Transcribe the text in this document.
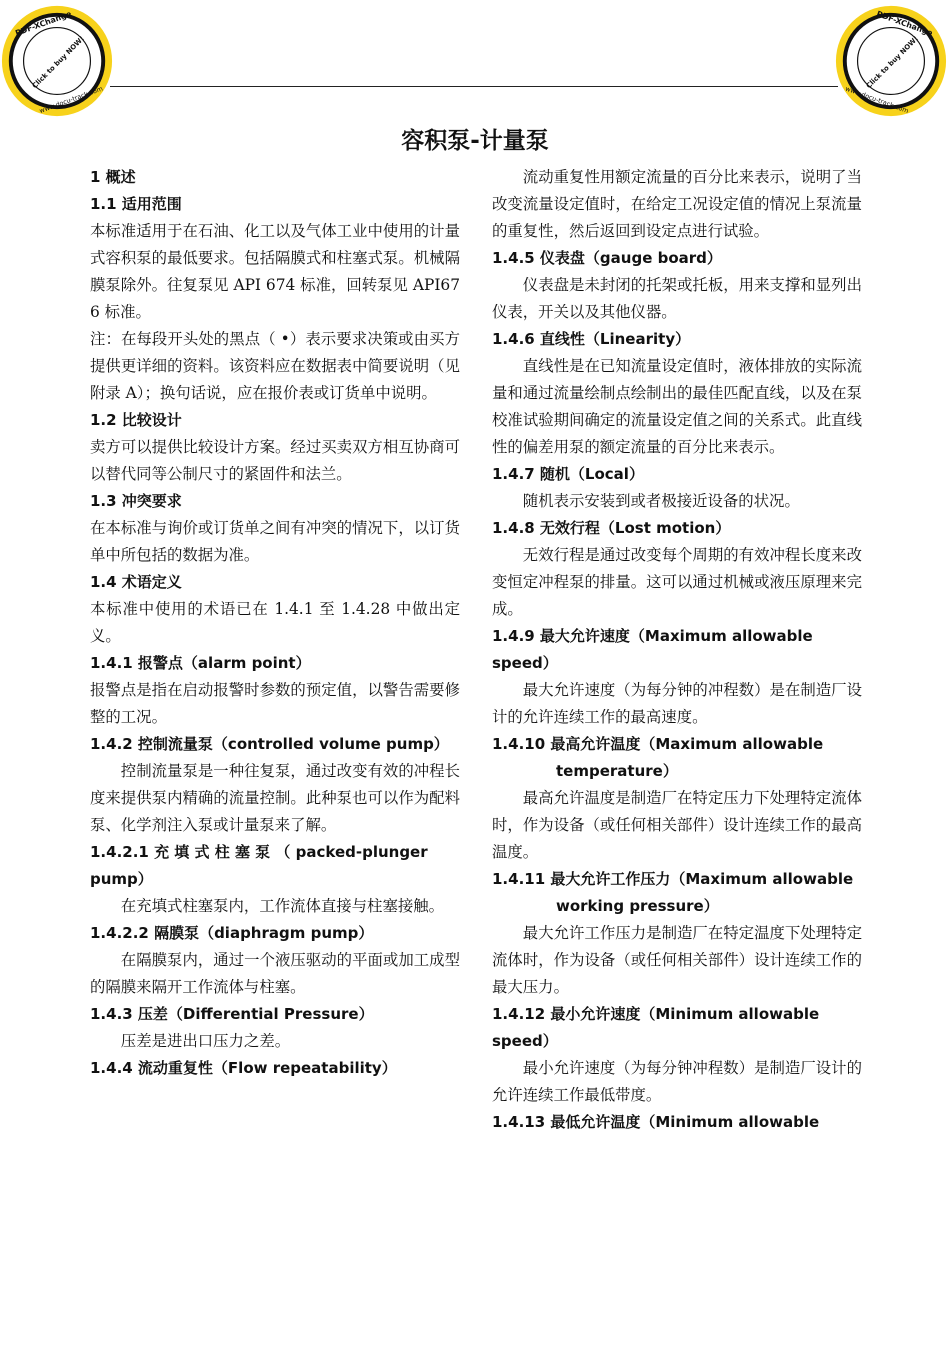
PDF-XChange
Click to buy NOW!
www.docu-track.com
PDF-XChange
Click to buy NOW!
www.docu-track.com
容积泵-计量泵
1 概述
1.1 适用范围
本标准适用于在石油、化工以及气体工业中使用的计量式容积泵的最低要求。包括隔膜式和柱塞式泵。机械隔膜泵除外。往复泵见 API 674 标准，回转泵见 API676 标准。
注：在每段开头处的黑点（ •）表示要求决策或由买方提供更详细的资料。该资料应在数据表中简要说明（见附录 A）；换句话说，应在报价表或订货单中说明。
1.2 比较设计
卖方可以提供比较设计方案。经过买卖双方相互协商可以替代同等公制尺寸的紧固件和法兰。
1.3 冲突要求
在本标准与询价或订货单之间有冲突的情况下，以订货单中所包括的数据为准。
1.4 术语定义
本标准中使用的术语已在 1.4.1 至 1.4.28 中做出定义。
1.4.1 报警点（alarm point）
报警点是指在启动报警时参数的预定值，以警告需要修整的工况。
1.4.2 控制流量泵（controlled volume pump）
控制流量泵是一种往复泵，通过改变有效的冲程长度来提供泵内精确的流量控制。此种泵也可以作为配料泵、化学剂注入泵或计量泵来了解。
1.4.2.1 充 填 式 柱 塞 泵 （ packed-plunger pump）
在充填式柱塞泵内，工作流体直接与柱塞接触。
1.4.2.2 隔膜泵（diaphragm pump）
在隔膜泵内，通过一个液压驱动的平面或加工成型的隔膜来隔开工作流体与柱塞。
1.4.3 压差（Differential Pressure）
压差是进出口压力之差。
1.4.4 流动重复性（Flow repeatability）
流动重复性用额定流量的百分比来表示，说明了当改变流量设定值时，在给定工况设定值的情况上泵流量的重复性，然后返回到设定点进行试验。
1.4.5 仪表盘（gauge board）
仪表盘是未封闭的托架或托板，用来支撑和显列出仪表，开关以及其他仪器。
1.4.6 直线性（Linearity）
直线性是在已知流量设定值时，液体排放的实际流量和通过流量绘制点绘制出的最佳匹配直线，以及在泵校准试验期间确定的流量设定值之间的关系式。此直线性的偏差用泵的额定流量的百分比来表示。
1.4.7 随机（Local）
随机表示安装到或者极接近设备的状况。
1.4.8 无效行程（Lost motion）
无效行程是通过改变每个周期的有效冲程长度来改变恒定冲程泵的排量。这可以通过机械或液压原理来完成。
1.4.9 最大允许速度（Maximum allowable speed）
最大允许速度（为每分钟的冲程数）是在制造厂设计的允许连续工作的最高速度。
1.4.10 最高允许温度（Maximum allowable temperature）
最高允许温度是制造厂在特定压力下处理特定流体时，作为设备（或任何相关部件）设计连续工作的最高温度。
1.4.11 最大允许工作压力（Maximum allowable working pressure）
最大允许工作压力是制造厂在特定温度下处理特定流体时，作为设备（或任何相关部件）设计连续工作的最大压力。
1.4.12 最小允许速度（Minimum allowable speed）
最小允许速度（为每分钟冲程数）是制造厂设计的允许连续工作最低带度。
1.4.13 最低允许温度（Minimum allowable
